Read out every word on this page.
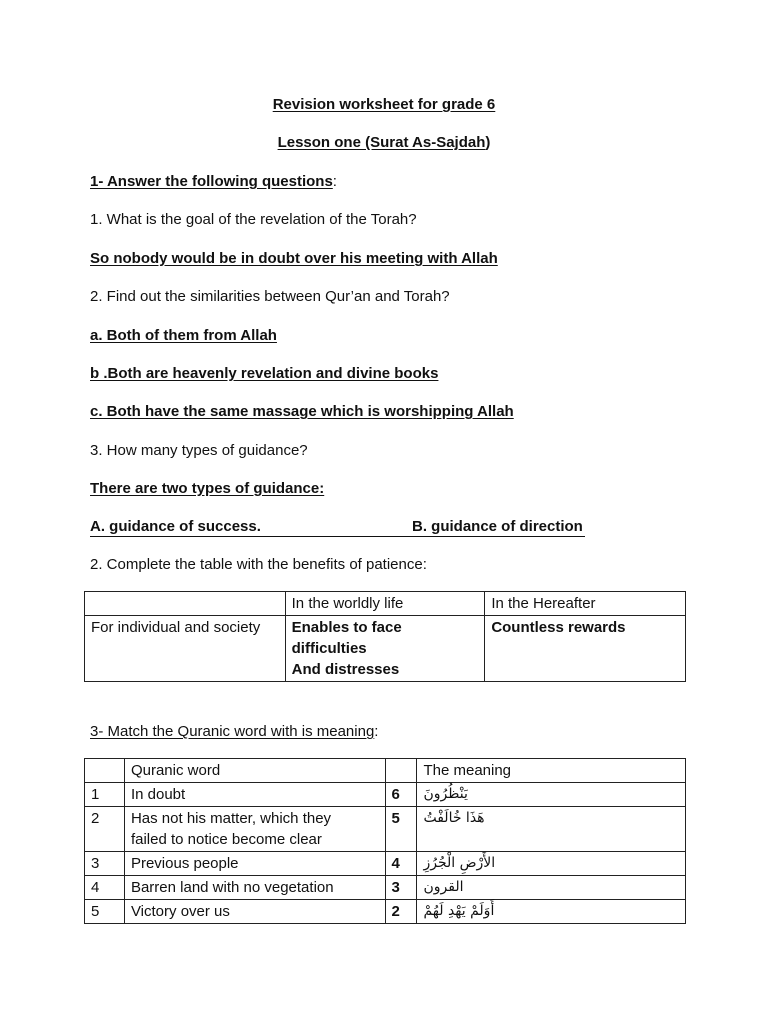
Revision worksheet for grade 6
Lesson one (Surat As-Sajdah)
1- Answer the following questions:
1. What is the goal of the revelation of the Torah?
So nobody would be in doubt over his meeting with Allah
2. Find out the similarities between Qur’an and Torah?
a. Both of them from Allah
b .Both are heavenly revelation and divine books
c. Both have the same massage which is worshipping Allah
3. How many types of guidance?
There are two types of guidance:
A. guidance of success.	B. guidance of direction
2. Complete the table with the benefits of patience:
	In the worldly life	In the Hereafter
For individual and society	Enables to face
difficulties
And distresses	Countless rewards
3- Match the Quranic word with is meaning:
	Quranic word		The meaning
1	In doubt	6	يَنْظُرُونَ
2	Has not his matter, which they
failed to notice become clear	5	هَذَا خُالَفْتُ
3	Previous people	4	الأَرْضِ الْجُرُزِ
4	Barren land with no vegetation	3	القرون
5	Victory over us	2	أَوَلَمْ يَهْدِ لَهُمْ
